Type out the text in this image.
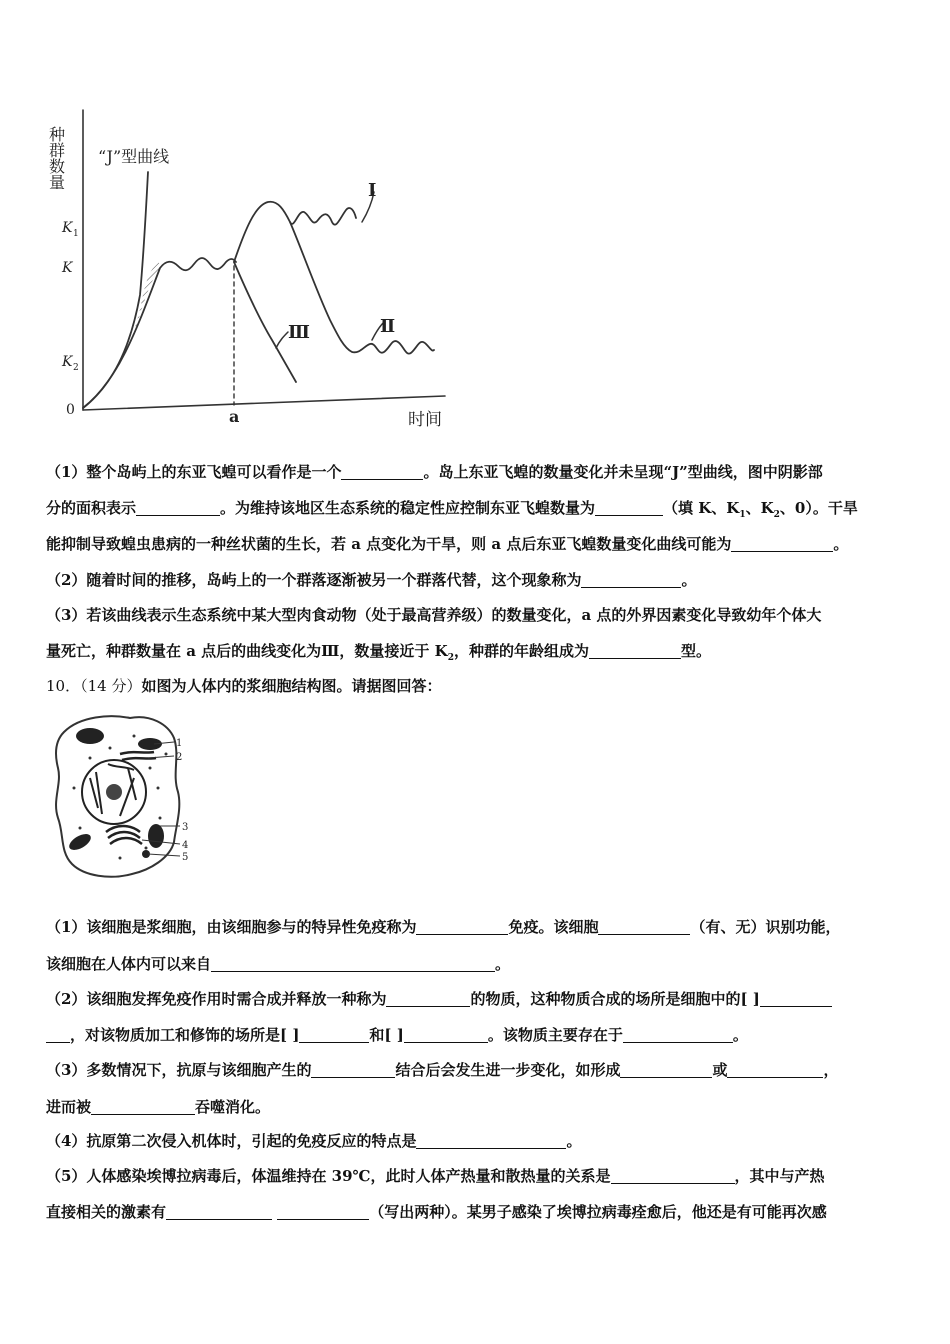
种群数量
K 1
K
K 2
0	a	时间
“J”型曲线
Ⅰ
Ⅱ
Ⅲ
（1）整个岛屿上的东亚飞蝗可以看作是一个	。岛上东亚飞蝗的数量变化并未呈现“J”型曲线，图中阴影部
分的面积表示	。为维持该地区生态系统的稳定性应控制东亚飞蝗数量为	（填 K、$K_1$、$K_2$、0）。干旱
能抑制导致蝗虫患病的一种丝状菌的生长，若 a 点变化为干旱，则 a 点后东亚飞蝗数量变化曲线可能为	。
（2）随着时间的推移，岛屿上的一个群落逐渐被另一个群落代替，这个现象称为	。
（3）若该曲线表示生态系统中某大型肉食动物（处于最高营养级）的数量变化，a 点的外界因素变化导致幼年个体大
量死亡，种群数量在 a 点后的曲线变化为Ⅲ，数量接近于 $K_2$，种群的年龄组成为	型。
10．（14 分）如图为人体内的浆细胞结构图。请据图回答：
1
2
3
4
5
（1）该细胞是浆细胞，由该细胞参与的特异性免疫称为	免疫。该细胞	（有、无）识别功能，
该细胞在人体内可以来自	。
（2）该细胞发挥免疫作用时需合成并释放一种称为	的物质，这种物质合成的场所是细胞中的[ ]
，对该物质加工和修饰的场所是[ ]	和[ ]	。该物质主要存在于	。
（3）多数情况下，抗原与该细胞产生的	结合后会发生进一步变化，如形成	或	，
进而被	吞噬消化。
（4）抗原第二次侵入机体时，引起的免疫反应的特点是	。
（5）人体感染埃博拉病毒后，体温维持在 39℃，此时人体产热量和散热量的关系是	，其中与产热
直接相关的激素有	（写出两种）。某男子感染了埃博拉病毒痊愈后，他还是有可能再次感
